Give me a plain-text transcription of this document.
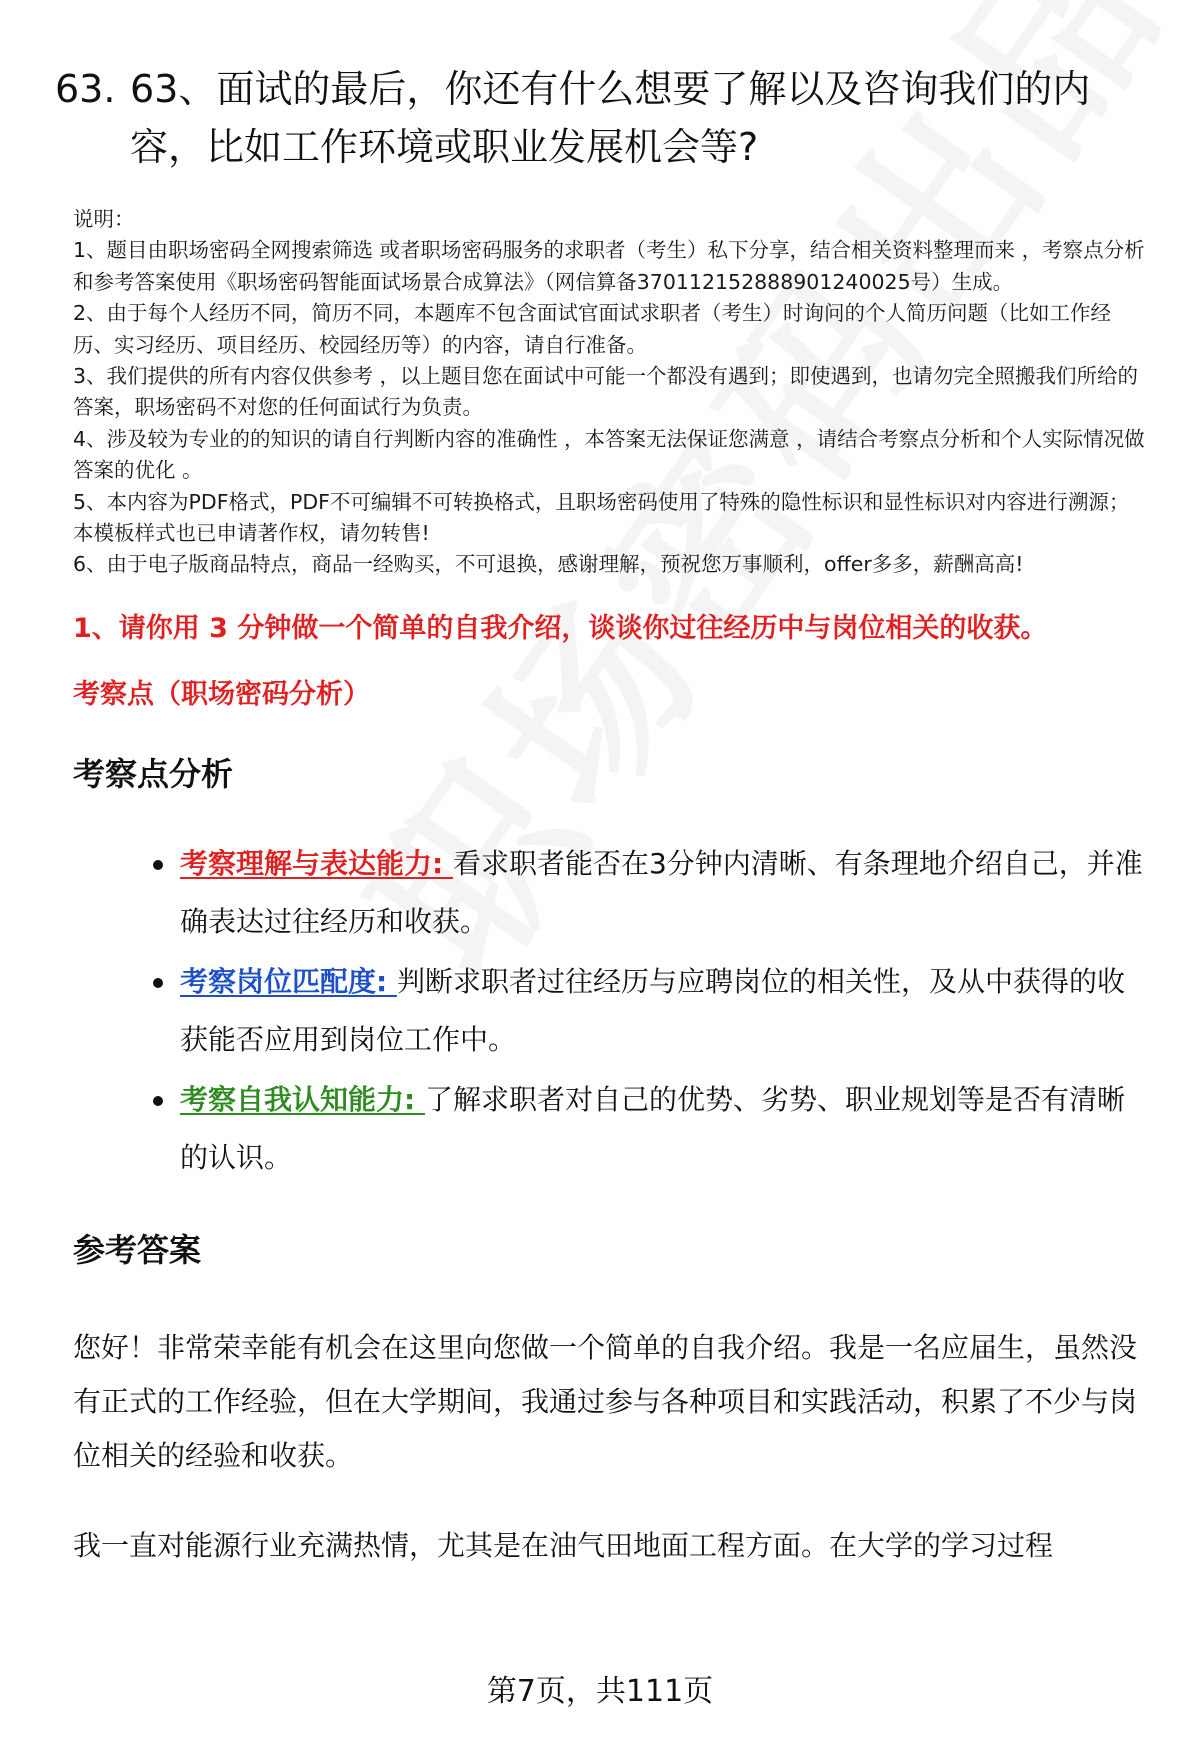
63. 63、面试的最后，你还有什么想要了解以及咨询我们的内容，比如工作环境或职业发展机会等?

说明：

1、题目由职场密码全网搜索筛选 或者职场密码服务的求职者（考生）私下分享，结合相关资料整理而来 ，考察点分析和参考答案使用《职场密码智能面试场景合成算法》（网信算备370112152888901240025号）生成。

2、由于每个人经历不同，简历不同，本题库不包含面试官面试求职者（考生）时询问的个人简历问题（比如工作经历、实习经历、项目经历、校园经历等）的内容，请自行准备。

3、我们提供的所有内容仅供参考 ，以上题目您在面试中可能一个都没有遇到；即使遇到，也请勿完全照搬我们所给的答案，职场密码不对您的任何面试行为负责。

4、涉及较为专业的的知识的请自行判断内容的准确性 ，本答案无法保证您满意 ，请结合考察点分析和个人实际情况做答案的优化 。

5、本内容为PDF格式，PDF不可编辑不可转换格式，且职场密码使用了特殊的隐性标识和显性标识对内容进行溯源；本模板样式也已申请著作权，请勿转售!

6、由于电子版商品特点，商品一经购买，不可退换，感谢理解，预祝您万事顺利，offer多多，薪酬高高!

1、请你用 3 分钟做一个简单的自我介绍，谈谈你过往经历中与岗位相关的收获。
考察点（职场密码分析）
考察点分析
考察理解与表达能力: 看求职者能否在3分钟内清晰、有条理地介绍自己，并准确表达过往经历和收获。
考察岗位匹配度: 判断求职者过往经历与应聘岗位的相关性，及从中获得的收获能否应用到岗位工作中。
考察自我认知能力: 了解求职者对自己的优势、劣势、职业规划等是否有清晰的认识。
参考答案

您好！非常荣幸能有机会在这里向您做一个简单的自我介绍。我是一名应届生，虽然没有正式的工作经验，但在大学期间，我通过参与各种项目和实践活动，积累了不少与岗位相关的经验和收获。

我一直对能源行业充满热情，尤其是在油气田地面工程方面。在大学的学习过程

第7页，共111页
